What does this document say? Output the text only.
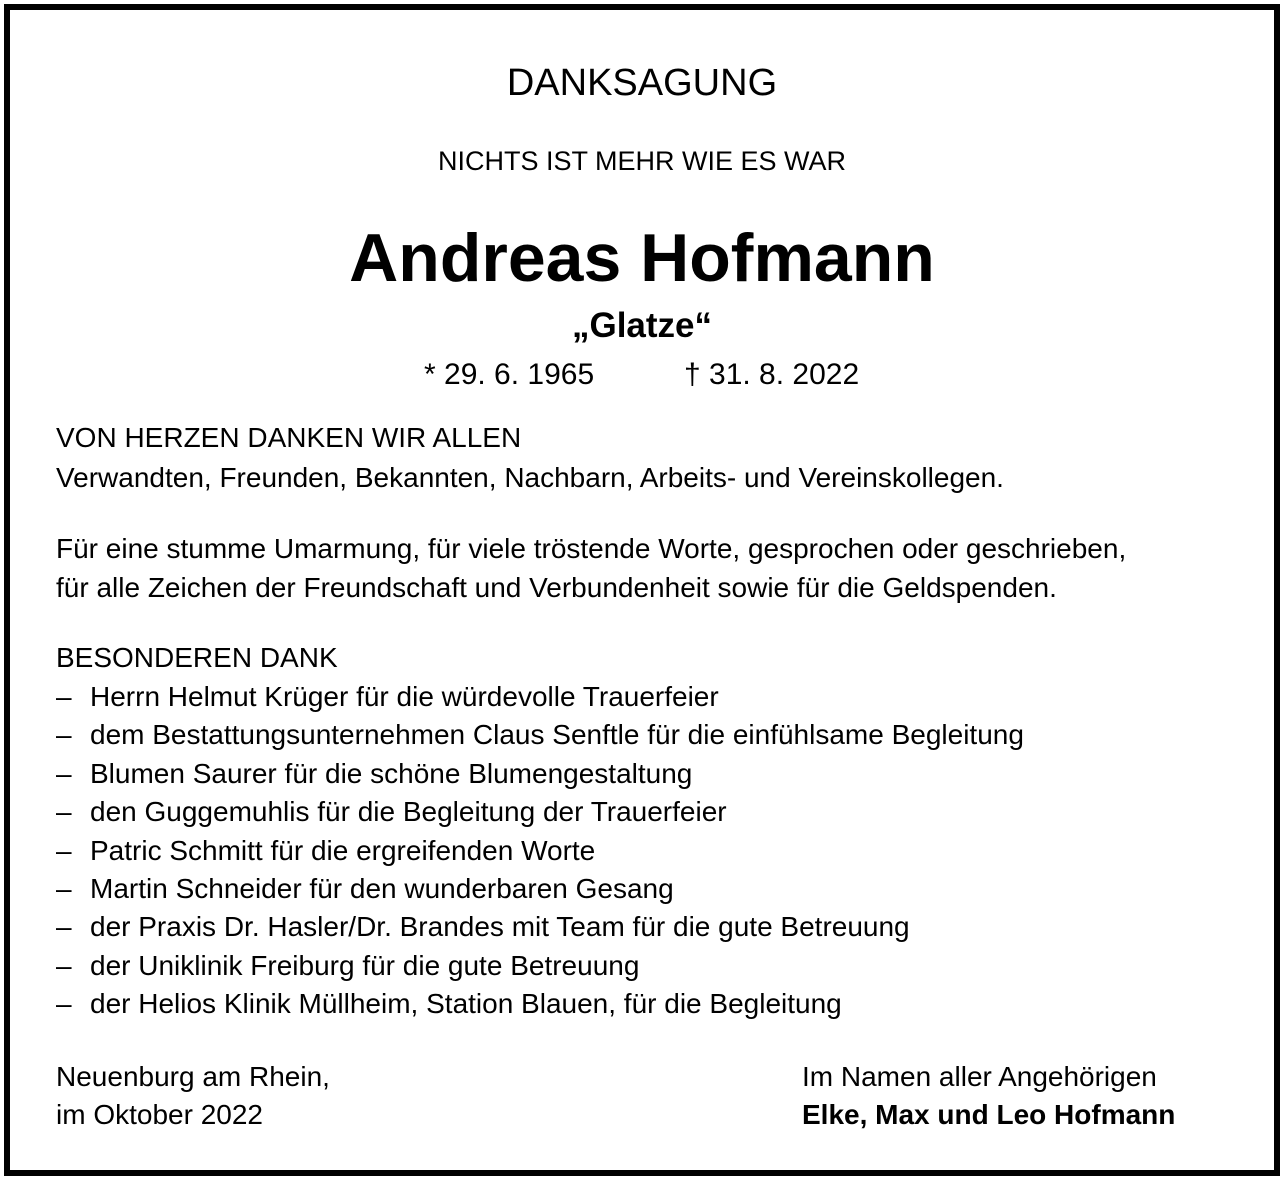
DANKSAGUNG
NICHTS IST MEHR WIE ES WAR
Andreas Hofmann
„Glatze“
* 29. 6. 1965	† 31. 8. 2022
VON HERZEN DANKEN WIR ALLEN
Verwandten, Freunden, Bekannten, Nachbarn, Arbeits- und Vereinskollegen.
Für eine stumme Umarmung, für viele tröstende Worte, gesprochen oder geschrieben,
für alle Zeichen der Freundschaft und Verbundenheit sowie für die Geldspenden.
BESONDEREN DANK
– Herrn Helmut Krüger für die würdevolle Trauerfeier
– dem Bestattungsunternehmen Claus Senftle für die einfühlsame Begleitung
– Blumen Saurer für die schöne Blumengestaltung
– den Guggemuhlis für die Begleitung der Trauerfeier
– Patric Schmitt für die ergreifenden Worte
– Martin Schneider für den wunderbaren Gesang
– der Praxis Dr. Hasler/Dr. Brandes mit Team für die gute Betreuung
– der Uniklinik Freiburg für die gute Betreuung
– der Helios Klinik Müllheim, Station Blauen, für die Begleitung
Neuenburg am Rhein,
im Oktober 2022
Im Namen aller Angehörigen
Elke, Max und Leo Hofmann
